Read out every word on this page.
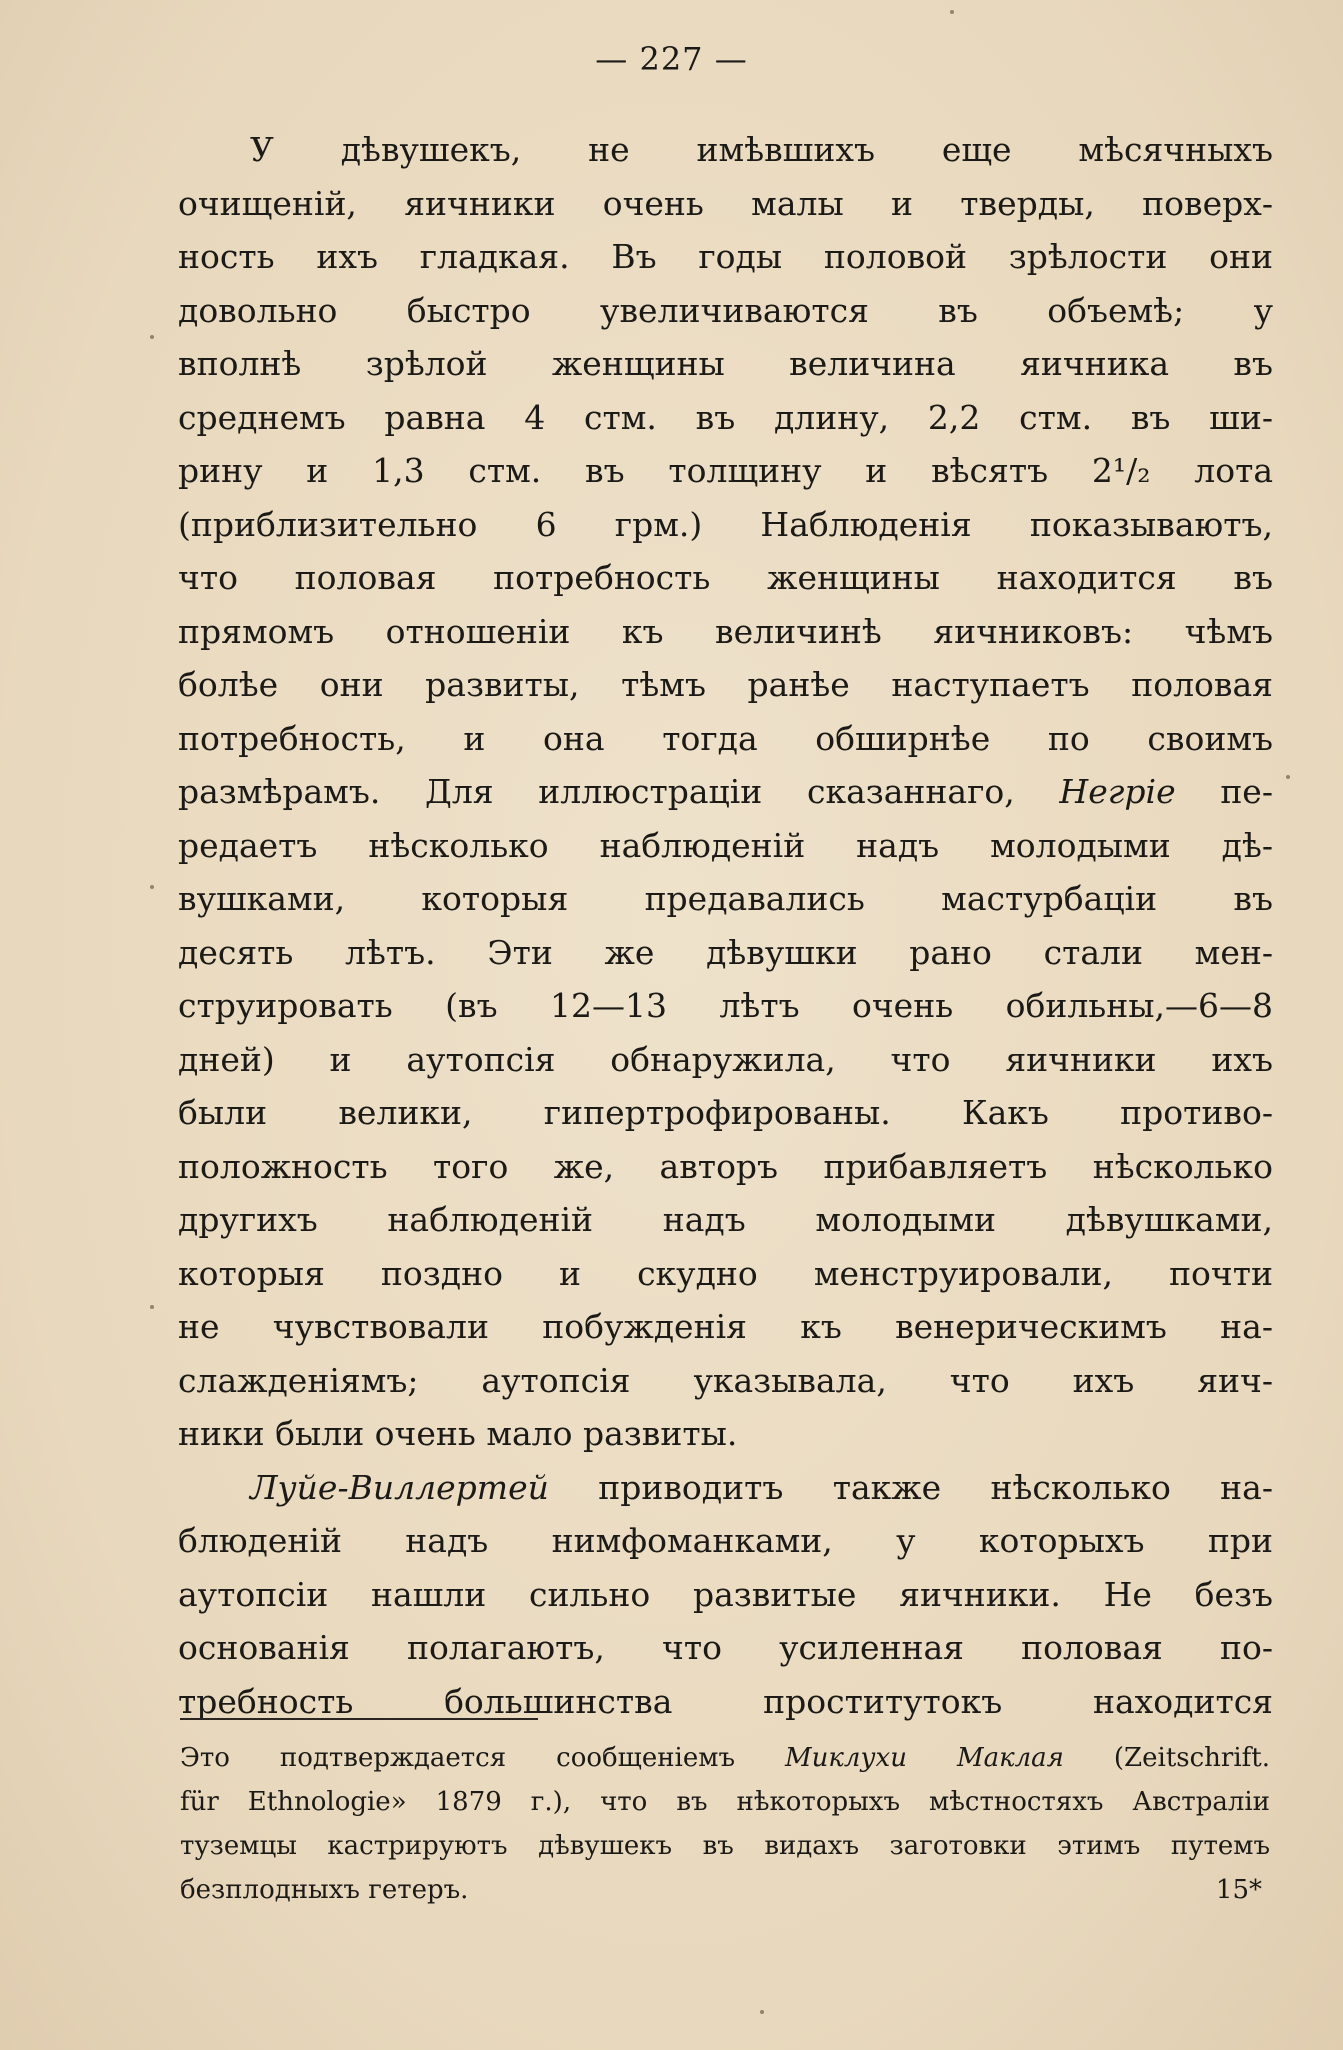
— 227 —
У дѣвушекъ, не имѣвшихъ еще мѣсячныхъ
очищеній, яичники очень малы и тверды, поверх-
ность ихъ гладкая. Въ годы половой зрѣлости они
довольно быстро увеличиваются въ объемѣ; у
вполнѣ зрѣлой женщины величина яичника въ
среднемъ равна 4 стм. въ длину, 2,2 стм. въ ши-
рину и 1,3 стм. въ толщину и вѣсятъ 2¹/₂ лота
(приблизительно 6 грм.) Наблюденія показываютъ,
что половая потребность женщины находится въ
прямомъ отношеніи къ величинѣ яичниковъ: чѣмъ
болѣе они развиты, тѣмъ ранѣе наступаетъ половая
потребность, и она тогда обширнѣе по своимъ
размѣрамъ. Для иллюстраціи сказаннаго, Hегріе пе-
редаетъ нѣсколько наблюденій надъ молодыми дѣ-
вушками, которыя предавались мастурбаціи въ
десять лѣтъ. Эти же дѣвушки рано стали мен-
струировать (въ 12—13 лѣтъ очень обильны,—6—8
дней) и аутопсія обнаружила, что яичники ихъ
были велики, гипертрофированы. Какъ противо-
положность того же, авторъ прибавляетъ нѣсколько
другихъ наблюденій надъ молодыми дѣвушками,
которыя поздно и скудно менструировали, почти
не чувствовали побужденія къ венерическимъ на-
слажденіямъ; аутопсія указывала, что ихъ яич-
ники были очень мало развиты.
Луйе-Виллертей приводитъ также нѣсколько на-
блюденій надъ нимфоманками, у которыхъ при
аутопсіи нашли сильно развитые яичники. Не безъ
основанія полагаютъ, что усиленная половая по-
требность большинства проститутокъ находится
Это подтверждается сообщеніемъ Миклухи Маклая (Zeitschrift.
für Ethnologie» 1879 г.), что въ нѣкоторыхъ мѣстностяхъ Австраліи
туземцы кастрируютъ дѣвушекъ въ видахъ заготовки этимъ путемъ
безплодныхъ гетеръ.	15*
